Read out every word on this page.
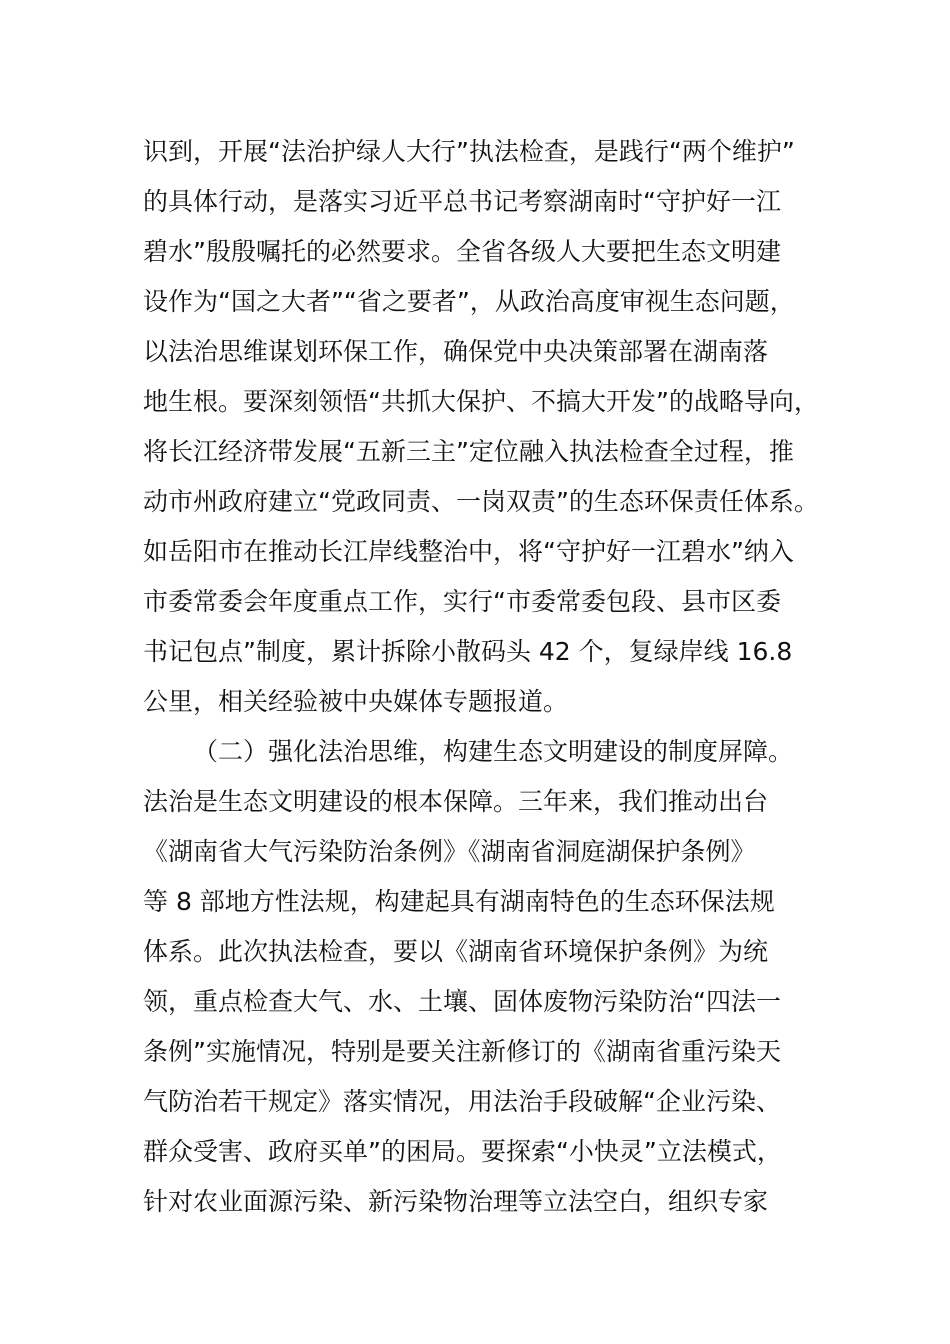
识到，开展“法治护绿人大行”执法检查，是践行“两个维护”
的具体行动，是落实习近平总书记考察湖南时“守护好一江
碧水”殷殷嘱托的必然要求。全省各级人大要把生态文明建
设作为“国之大者”“省之要者”，从政治高度审视生态问题，
以法治思维谋划环保工作，确保党中央决策部署在湖南落
地生根。要深刻领悟“共抓大保护、不搞大开发”的战略导向，
将长江经济带发展“五新三主”定位融入执法检查全过程，推
动市州政府建立“党政同责、一岗双责”的生态环保责任体系。
如岳阳市在推动长江岸线整治中，将“守护好一江碧水”纳入
市委常委会年度重点工作，实行“市委常委包段、县市区委
书记包点”制度，累计拆除小散码头 42 个，复绿岸线 16.8
公里，相关经验被中央媒体专题报道。
（二）强化法治思维，构建生态文明建设的制度屏障。
法治是生态文明建设的根本保障。三年来，我们推动出台
《湖南省大气污染防治条例》《湖南省洞庭湖保护条例》
等 8 部地方性法规，构建起具有湖南特色的生态环保法规
体系。此次执法检查，要以《湖南省环境保护条例》为统
领，重点检查大气、水、土壤、固体废物污染防治“四法一
条例”实施情况，特别是要关注新修订的《湖南省重污染天
气防治若干规定》落实情况，用法治手段破解“企业污染、
群众受害、政府买单”的困局。要探索“小快灵”立法模式，
针对农业面源污染、新污染物治理等立法空白，组织专家
